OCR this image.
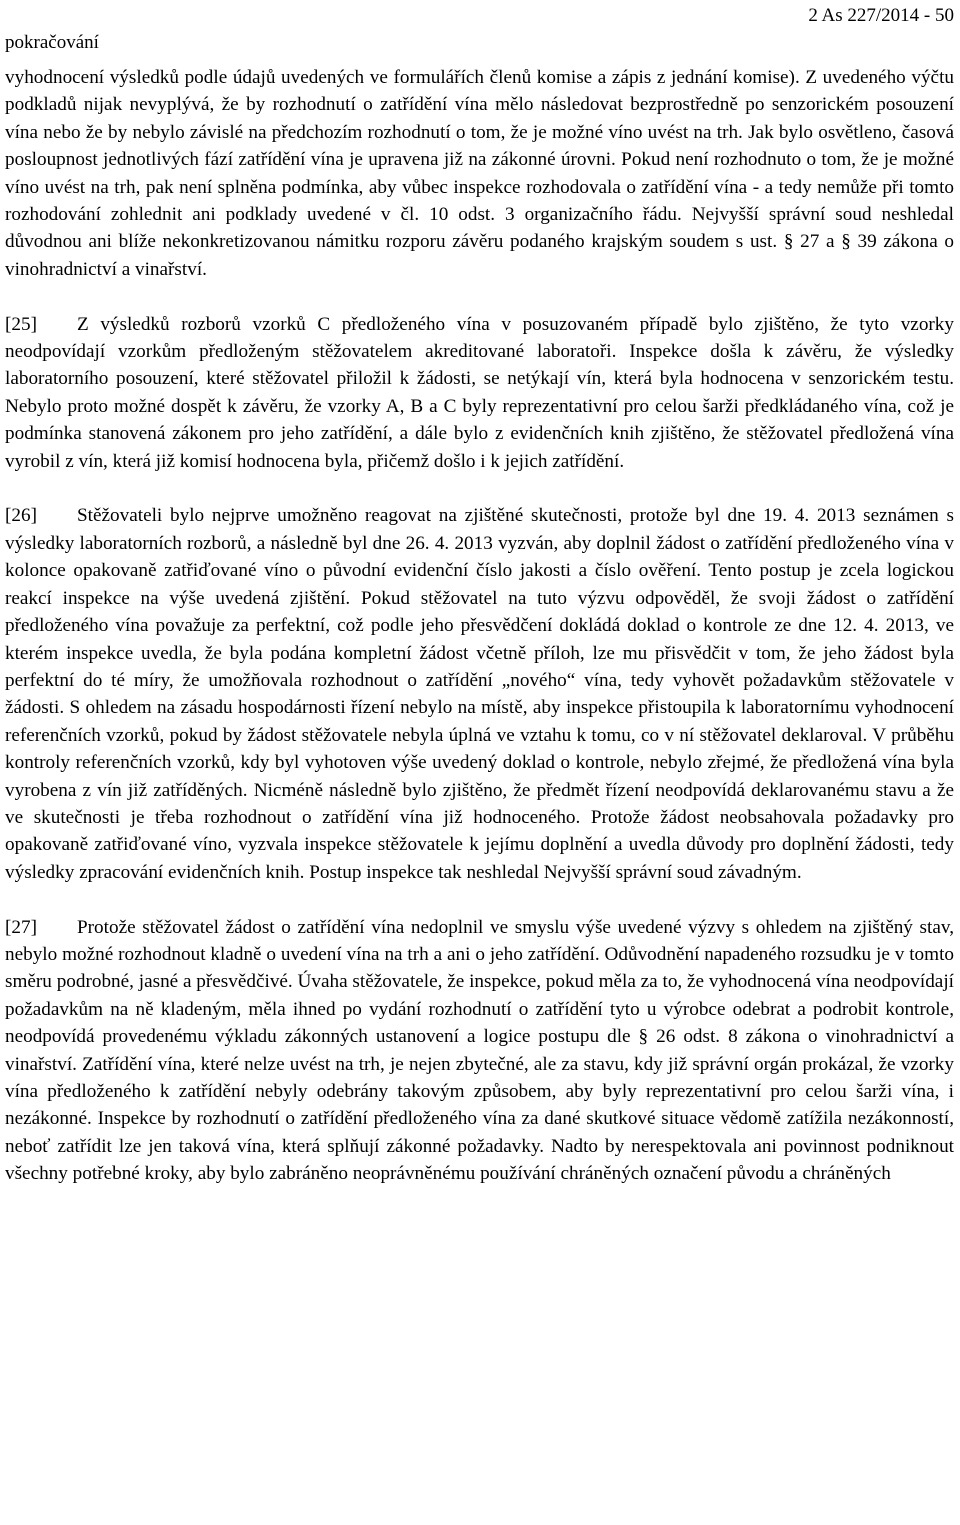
pokračování
2 As 227/2014 - 50

vyhodnocení výsledků podle údajů uvedených ve formulářích členů komise a zápis z jednání komise). Z uvedeného výčtu podkladů nijak nevyplývá, že by rozhodnutí o zatřídění vína mělo následovat bezprostředně po senzorickém posouzení vína nebo že by nebylo závislé na předchozím rozhodnutí o tom, že je možné víno uvést na trh. Jak bylo osvětleno, časová posloupnost jednotlivých fází zatřídění vína je upravena již na zákonné úrovni. Pokud není rozhodnuto o tom, že je možné víno uvést na trh, pak není splněna podmínka, aby vůbec inspekce rozhodovala o zatřídění vína - a tedy nemůže při tomto rozhodování zohlednit ani podklady uvedené v čl. 10 odst. 3 organizačního řádu. Nejvyšší správní soud neshledal důvodnou ani blíže nekonkretizovanou námitku rozporu závěru podaného krajským soudem s ust. § 27 a § 39 zákona o vinohradnictví a vinařství.

[25] Z výsledků rozborů vzorků C předloženého vína v posuzovaném případě bylo zjištěno, že tyto vzorky neodpovídají vzorkům předloženým stěžovatelem akreditované laboratoři. Inspekce došla k závěru, že výsledky laboratorního posouzení, které stěžovatel přiložil k žádosti, se netýkají vín, která byla hodnocena v senzorickém testu. Nebylo proto možné dospět k závěru, že vzorky A, B a C byly reprezentativní pro celou šarži předkládaného vína, což je podmínka stanovená zákonem pro jeho zatřídění, a dále bylo z evidenčních knih zjištěno, že stěžovatel předložená vína vyrobil z vín, která již komisí hodnocena byla, přičemž došlo i k jejich zatřídění.

[26] Stěžovateli bylo nejprve umožněno reagovat na zjištěné skutečnosti, protože byl dne 19. 4. 2013 seznámen s výsledky laboratorních rozborů, a následně byl dne 26. 4. 2013 vyzván, aby doplnil žádost o zatřídění předloženého vína v kolonce opakovaně zatřiďované víno o původní evidenční číslo jakosti a číslo ověření. Tento postup je zcela logickou reakcí inspekce na výše uvedená zjištění. Pokud stěžovatel na tuto výzvu odpověděl, že svoji žádost o zatřídění předloženého vína považuje za perfektní, což podle jeho přesvědčení dokládá doklad o kontrole ze dne 12. 4. 2013, ve kterém inspekce uvedla, že byla podána kompletní žádost včetně příloh, lze mu přisvědčit v tom, že jeho žádost byla perfektní do té míry, že umožňovala rozhodnout o zatřídění „nového“ vína, tedy vyhovět požadavkům stěžovatele v žádosti. S ohledem na zásadu hospodárnosti řízení nebylo na místě, aby inspekce přistoupila k laboratornímu vyhodnocení referenčních vzorků, pokud by žádost stěžovatele nebyla úplná ve vztahu k tomu, co v ní stěžovatel deklaroval. V průběhu kontroly referenčních vzorků, kdy byl vyhotoven výše uvedený doklad o kontrole, nebylo zřejmé, že předložená vína byla vyrobena z vín již zatříděných. Nicméně následně bylo zjištěno, že předmět řízení neodpovídá deklarovanému stavu a že ve skutečnosti je třeba rozhodnout o zatřídění vína již hodnoceného. Protože žádost neobsahovala požadavky pro opakovaně zatřiďované víno, vyzvala inspekce stěžovatele k jejímu doplnění a uvedla důvody pro doplnění žádosti, tedy výsledky zpracování evidenčních knih. Postup inspekce tak neshledal Nejvyšší správní soud závadným.

[27] Protože stěžovatel žádost o zatřídění vína nedoplnil ve smyslu výše uvedené výzvy s ohledem na zjištěný stav, nebylo možné rozhodnout kladně o uvedení vína na trh a ani o jeho zatřídění. Odůvodnění napadeného rozsudku je v tomto směru podrobné, jasné a přesvědčivé. Úvaha stěžovatele, že inspekce, pokud měla za to, že vyhodnocená vína neodpovídají požadavkům na ně kladeným, měla ihned po vydání rozhodnutí o zatřídění tyto u výrobce odebrat a podrobit kontrole, neodpovídá provedenému výkladu zákonných ustanovení a logice postupu dle § 26 odst. 8 zákona o vinohradnictví a vinařství. Zatřídění vína, které nelze uvést na trh, je nejen zbytečné, ale za stavu, kdy již správní orgán prokázal, že vzorky vína předloženého k zatřídění nebyly odebrány takovým způsobem, aby byly reprezentativní pro celou šarži vína, i nezákonné. Inspekce by rozhodnutí o zatřídění předloženého vína za dané skutkové situace vědomě zatížila nezákonností, neboť zatřídit lze jen taková vína, která splňují zákonné požadavky. Nadto by nerespektovala ani povinnost podniknout všechny potřebné kroky, aby bylo zabráněno neoprávněnému používání chráněných označení původu a chráněných
